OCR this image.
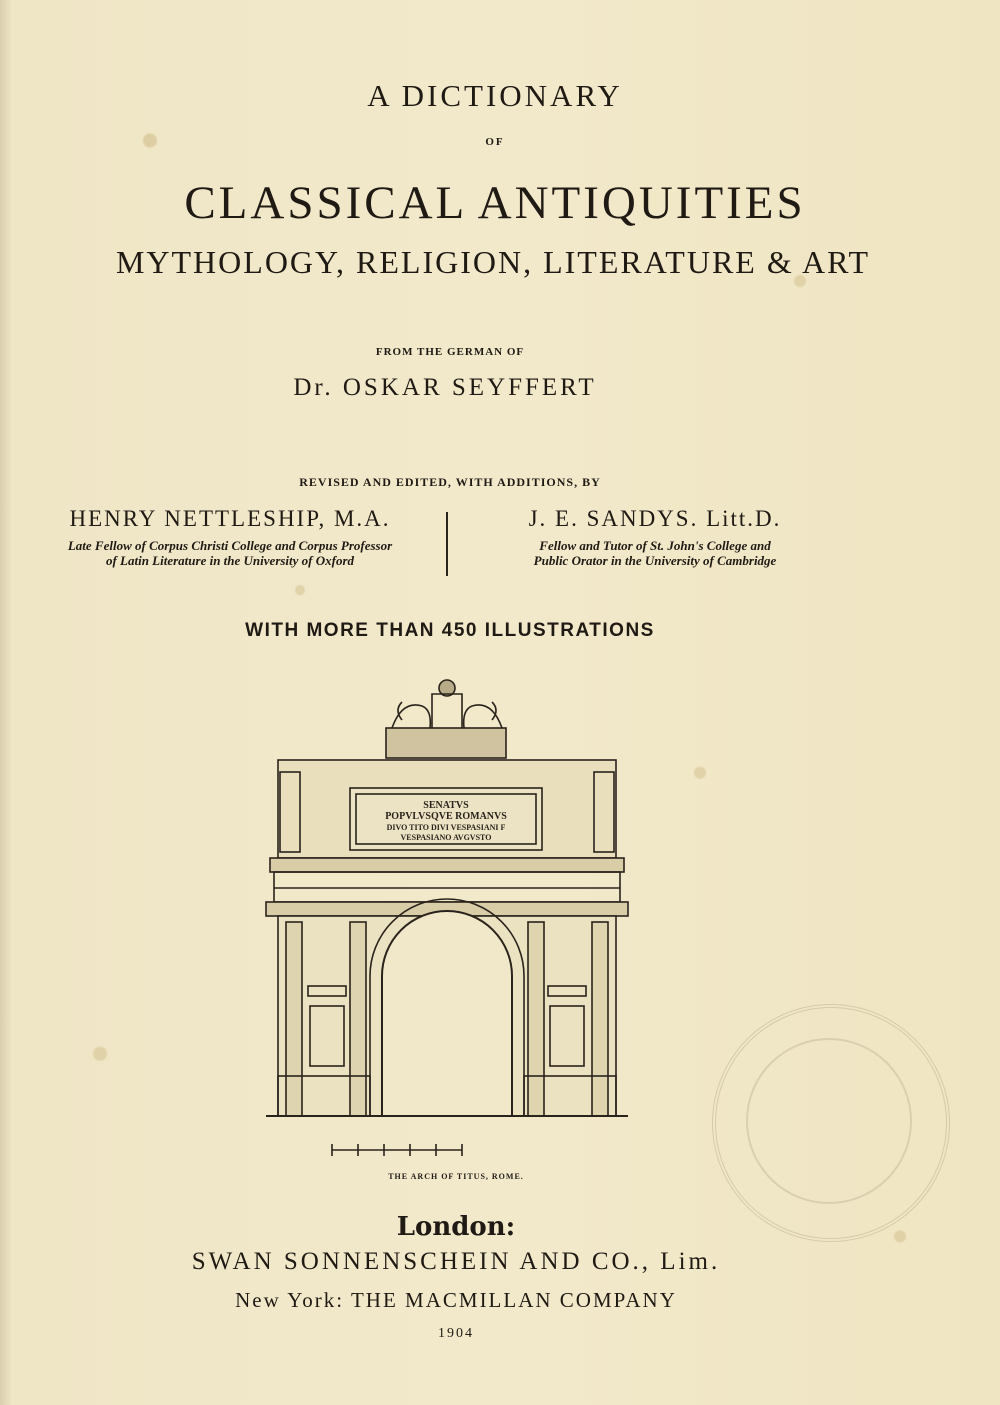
A DICTIONARY
OF
CLASSICAL ANTIQUITIES
MYTHOLOGY, RELIGION, LITERATURE & ART
FROM THE GERMAN OF
Dr. OSKAR SEYFFERT
REVISED AND EDITED, WITH ADDITIONS, BY
HENRY NETTLESHIP, M.A.
Late Fellow of Corpus Christi College and Corpus Professor
of Latin Literature in the University of Oxford
J. E. SANDYS. Litt.D.
Fellow and Tutor of St. John's College and
Public Orator in the University of Cambridge
WITH MORE THAN 450 ILLUSTRATIONS
SENATVS
POPVLVSQVE ROMANVS
DIVO TITO DIVI VESPASIANI F
VESPASIANO AVGVSTO
THE ARCH OF TITUS, ROME.
London:
SWAN SONNENSCHEIN AND CO., Lim.
New York: THE MACMILLAN COMPANY
1904
